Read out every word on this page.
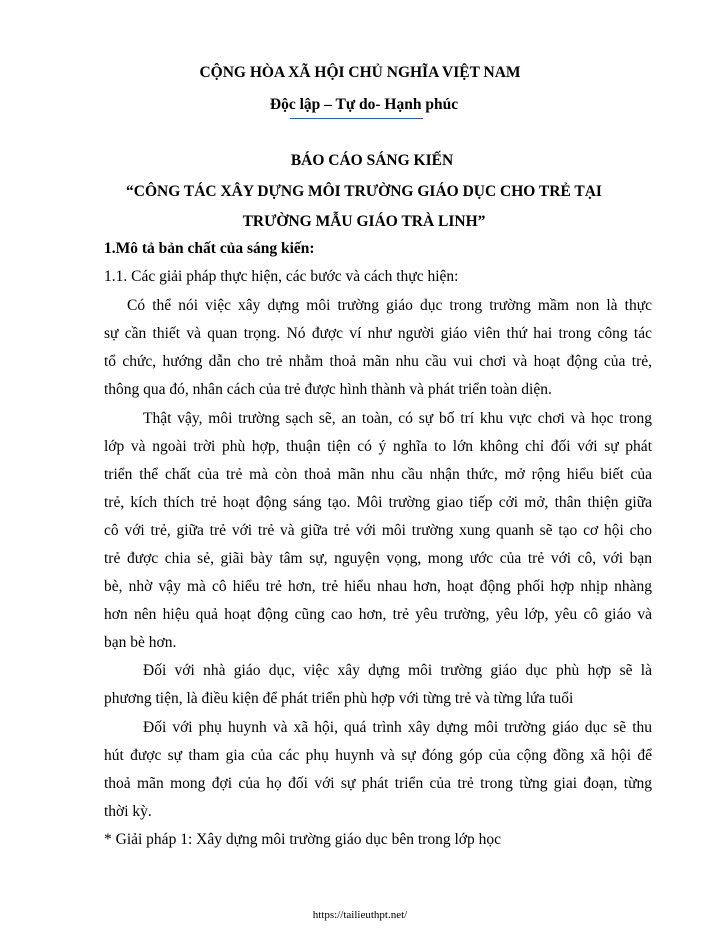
CỘNG HÒA XÃ HỘI CHỦ NGHĨA VIỆT NAM
Độc lập – Tự do- Hạnh phúc
BÁO CÁO SÁNG KIẾN
“CÔNG TÁC XÂY DỰNG MÔI TRƯỜNG GIÁO DỤC CHO TRẺ TẠI
TRƯỜNG MẪU GIÁO TRÀ LINH”
1.Mô tả bản chất của sáng kiến:
1.1. Các giải pháp thực hiện, các bước và cách thực hiện:
Có thể nói việc xây dựng môi trường giáo dục trong trường mầm non là thực
sự cần thiết và quan trọng. Nó được ví như người giáo viên thứ hai trong công tác
tổ chức, hướng dẫn cho trẻ nhằm thoả mãn nhu cầu vui chơi và hoạt động của trẻ,
thông qua đó, nhân cách của trẻ được hình thành và phát triển toàn diện.
Thật vậy, môi trường sạch sẽ, an toàn, có sự bố trí khu vực chơi và học trong
lớp và ngoài trời phù hợp, thuận tiện có ý nghĩa to lớn không chỉ đối với sự phát
triển thể chất của trẻ mà còn thoả mãn nhu cầu nhận thức, mở rộng hiểu biết của
trẻ, kích thích trẻ hoạt động sáng tạo. Môi trường giao tiếp cởi mở, thân thiện giữa
cô với trẻ, giữa trẻ với trẻ và giữa trẻ với môi trường xung quanh sẽ tạo cơ hội cho
trẻ được chia sẻ, giãi bày tâm sự, nguyện vọng, mong ước của trẻ với cô, với bạn
bè, nhờ vậy mà cô hiểu trẻ hơn, trẻ hiểu nhau hơn, hoạt động phối hợp nhịp nhàng
hơn nên hiệu quả hoạt động cũng cao hơn, trẻ yêu trường, yêu lớp, yêu cô giáo và
bạn bè hơn.
Đối với nhà giáo dục, việc xây dựng môi trường giáo dục phù hợp sẽ là
phương tiện, là điều kiện để phát triển phù hợp với từng trẻ và từng lứa tuổi
Đối với phụ huynh và xã hội, quá trình xây dựng môi trường giáo dục sẽ thu
hút được sự tham gia của các phụ huynh và sự đóng góp của cộng đồng xã hội để
thoả mãn mong đợi của họ đối với sự phát triển của trẻ trong từng giai đoạn, từng
thời kỳ.
* Giải pháp 1: Xây dựng môi trường giáo dục bên trong lớp học
https://tailieuthpt.net/
